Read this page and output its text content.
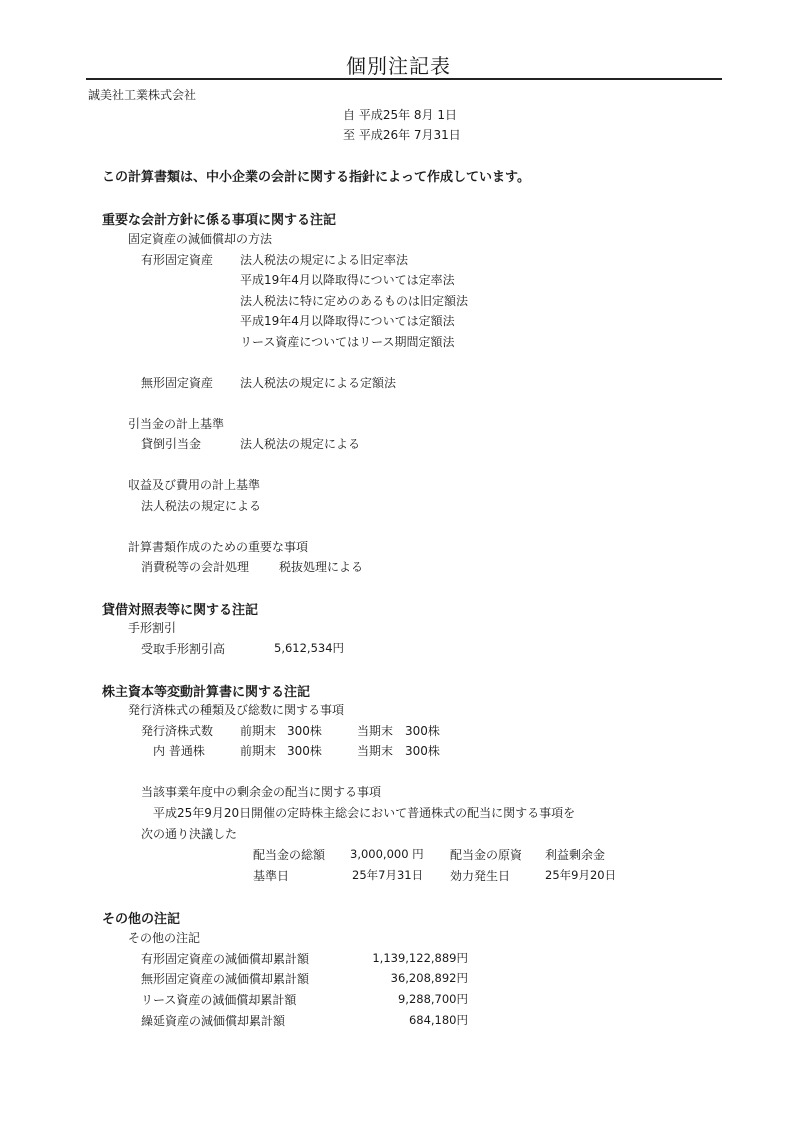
個別注記表
誠美社工業株式会社
自 平成25年 8月 1日
至 平成26年 7月31日
この計算書類は、中小企業の会計に関する指針によって作成しています。
重要な会計方針に係る事項に関する注記
固定資産の減価償却の方法
有形固定資産 法人税法の規定による旧定率法
平成19年4月以降取得については定率法
法人税法に特に定めのあるものは旧定額法
平成19年4月以降取得については定額法
リース資産についてはリース期間定額法
無形固定資産 法人税法の規定による定額法
引当金の計上基準
貸倒引当金	法人税法の規定による
収益及び費用の計上基準
法人税法の規定による
計算書類作成のための重要な事項
消費税等の会計処理 税抜処理による
貸借対照表等に関する注記
手形割引
受取手形割引高	5,612,534円
株主資本等変動計算書に関する注記
発行済株式の種類及び総数に関する事項
発行済株式数 前期末 300株	当期末 300株
内 普通株	前期末 300株	当期末 300株
当該事業年度中の剰余金の配当に関する事項
平成25年9月20日開催の定時株主総会において普通株式の配当に関する事項を
次の通り決議した
配当金の総額 3,000,000 円 配当金の原資 利益剰余金
基準日	25年7月31日 効力発生日	25年9月20日
その他の注記
その他の注記
有形固定資産の減価償却累計額	1,139,122,889円
無形固定資産の減価償却累計額	36,208,892円
リース資産の減価償却累計額	9,288,700円
繰延資産の減価償却累計額	684,180円
